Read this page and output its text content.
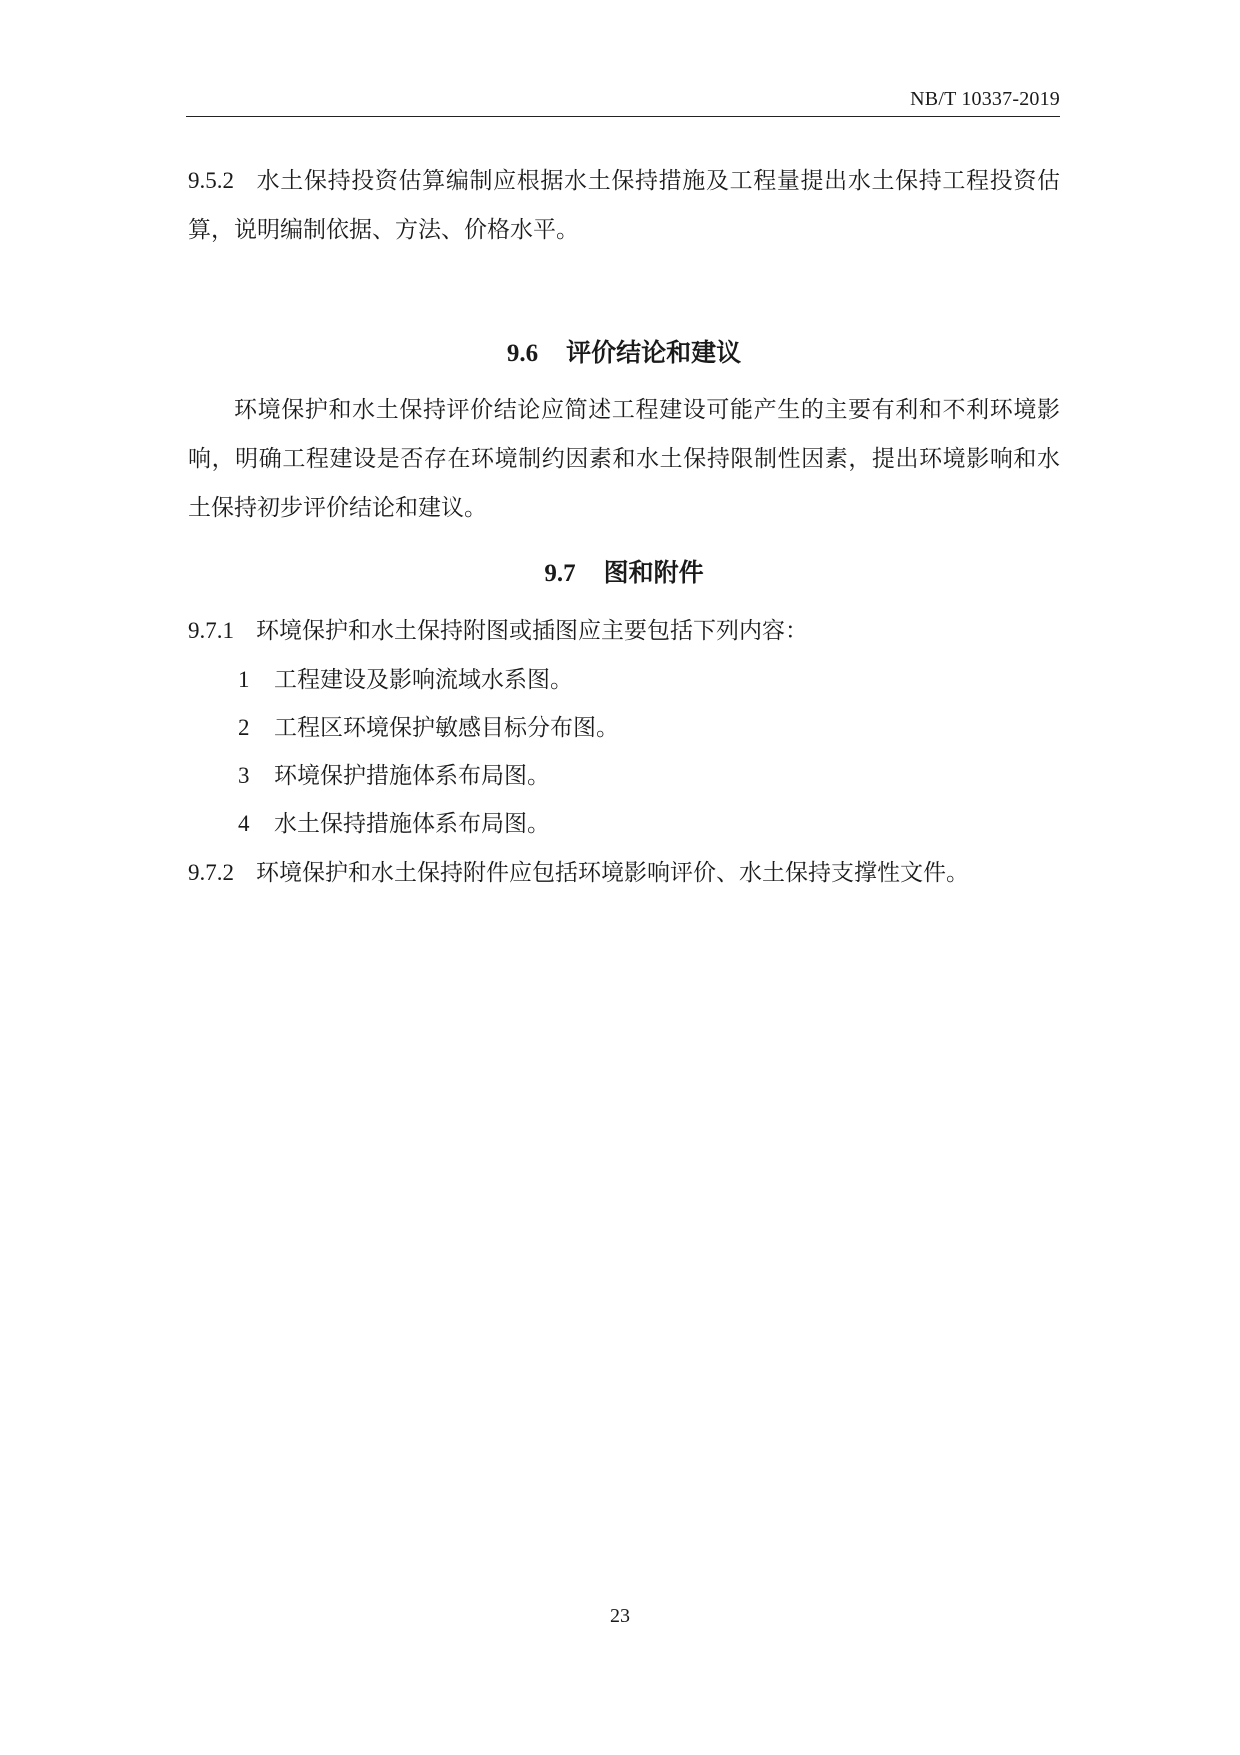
NB/T 10337-2019

9.5.2 水土保持投资估算编制应根据水土保持措施及工程量提出水土保持工程投资估算，说明编制依据、方法、价格水平。

9.6 评价结论和建议

环境保护和水土保持评价结论应简述工程建设可能产生的主要有利和不利环境影响，明确工程建设是否存在环境制约因素和水土保持限制性因素，提出环境影响和水土保持初步评价结论和建议。

9.7 图和附件

9.7.1 环境保护和水土保持附图或插图应主要包括下列内容：

1 工程建设及影响流域水系图。

2 工程区环境保护敏感目标分布图。

3 环境保护措施体系布局图。

4 水土保持措施体系布局图。

9.7.2 环境保护和水土保持附件应包括环境影响评价、水土保持支撑性文件。

23
